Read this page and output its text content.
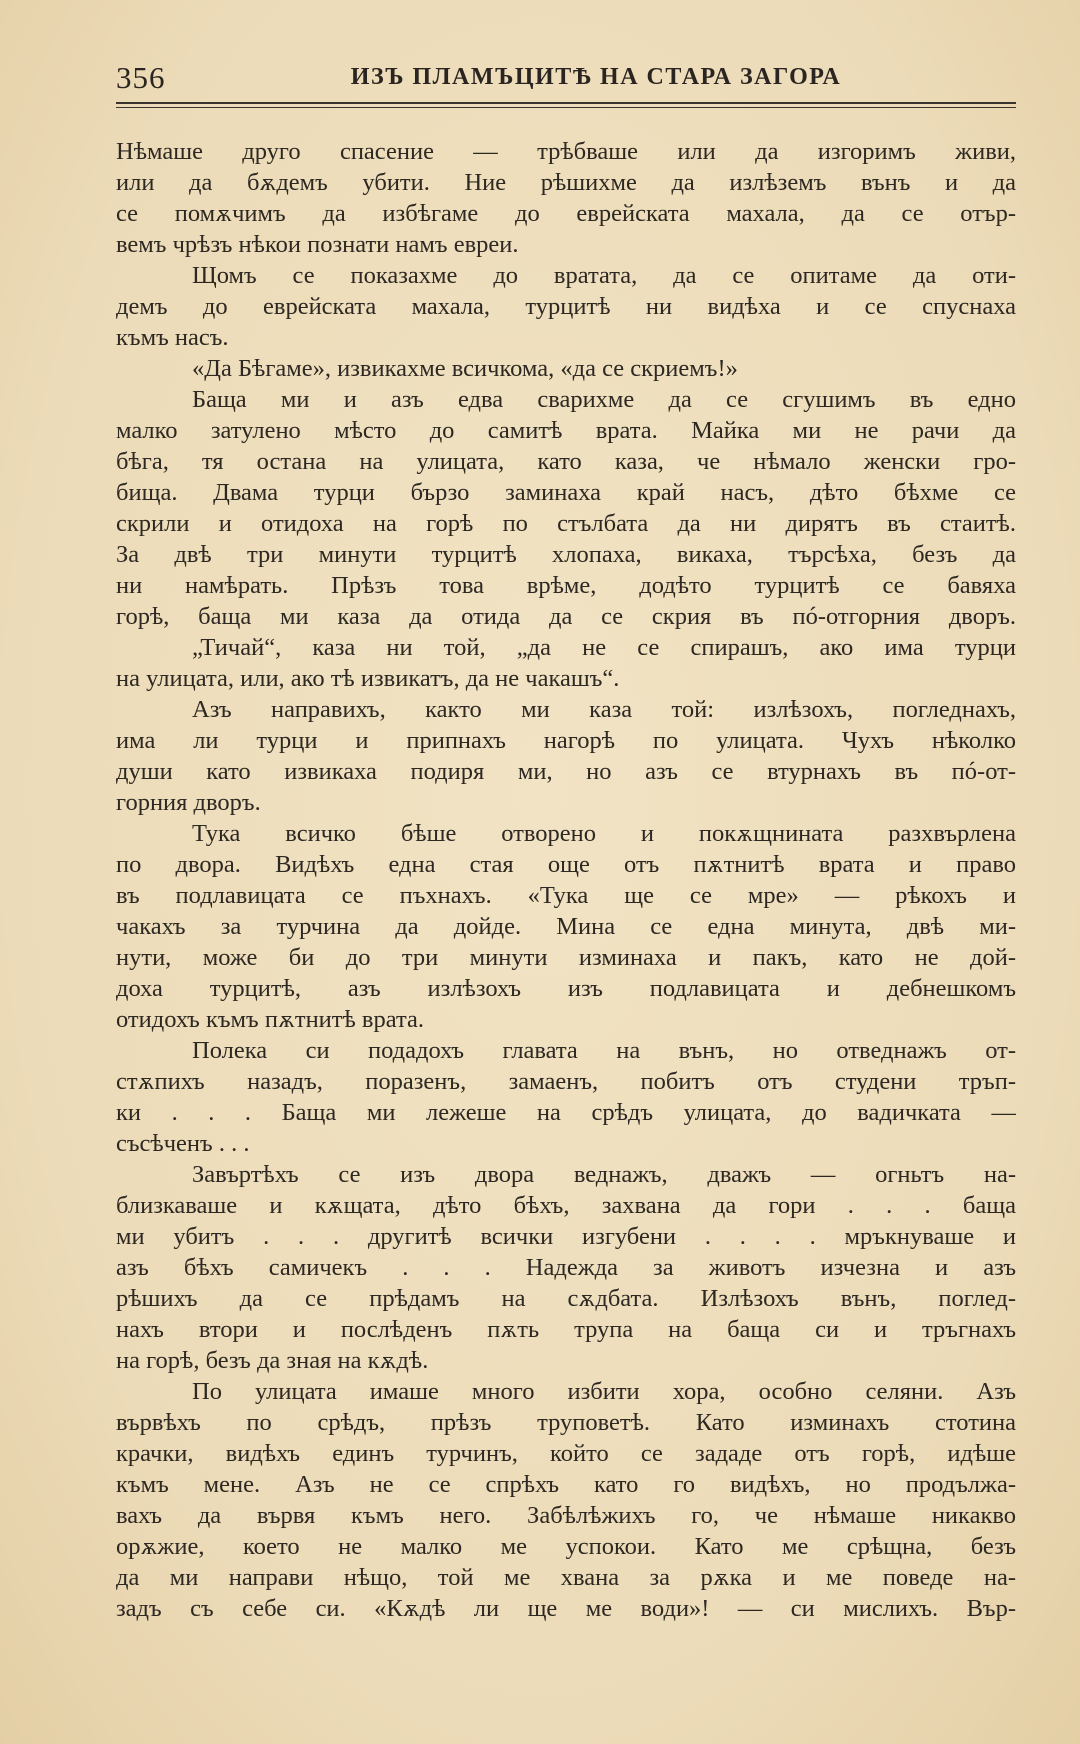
356	ИЗЪ ПЛАМЪЦИТѢ НА СТАРА ЗАГОРА
Нѣмаше друго спасение — трѣбваше или да изгоримъ живи,
или да бѫдемъ убити. Ние рѣшихме да излѣземъ вънъ и да
се помѫчимъ да избѣгаме до еврейската махала, да се отър-
вемъ чрѣзъ нѣкои познати намъ евреи.
Щомъ се показахме до вратата, да се опитаме да оти-
демъ до еврейската махала, турцитѣ ни видѣха и се спуснаха
къмъ насъ.
«Да Бѣгаме», извикахме всичкома, «да се скриемъ!»
Баща ми и азъ едва сварихме да се сгушимъ въ едно
малко затулено мѣсто до самитѣ врата. Майка ми не рачи да
бѣга, тя остана на улицата, като каза, че нѣмало женски гро-
бища. Двама турци бързо заминаха край насъ, дѣто бѣхме се
скрили и отидоха на горѣ по стълбата да ни дирятъ въ стаитѣ.
За двѣ три минути турцитѣ хлопаха, викаха, търсѣха, безъ да
ни намѣрать. Прѣзъ това врѣме, додѣто турцитѣ се бавяха
горѣ, баща ми каза да отида да се скрия въ пó-отгорния дворъ.
„Тичай“, каза ни той, „да не се спирашъ, ако има турци
на улицата, или, ако тѣ извикатъ, да не чакашъ“.
Азъ направихъ, както ми каза той: излѣзохъ, погледнахъ,
има ли турци и припнахъ нагорѣ по улицата. Чухъ нѣколко
души като извикаха подиря ми, но азъ се втурнахъ въ пó-от-
горния дворъ.
Тука всичко бѣше отворено и покѫщнината разхвърлена
по двора. Видѣхъ една стая още отъ пѫтнитѣ врата и право
въ подлавицата се пъхнахъ. «Тука ще се мре» — рѣкохъ и
чакахъ за турчина да дойде. Мина се една минута, двѣ ми-
нути, може би до три минути изминаха и пакъ, като не дой-
доха турцитѣ, азъ излѣзохъ изъ подлавицата и дебнешкомъ
отидохъ къмъ пѫтнитѣ врата.
Полека си подадохъ главата на вънъ, но отведнажъ от-
стѫпихъ назадъ, поразенъ, замаенъ, побитъ отъ студени тръп-
ки . . . Баща ми лежеше на срѣдъ улицата, до вадичката —
съсѣченъ . . .
Завъртѣхъ се изъ двора веднажъ, дважъ — огньтъ на-
близкаваше и кѫщата, дѣто бѣхъ, захвана да гори . . . баща
ми убитъ . . . другитѣ всички изгубени . . . . мръкнуваше и
азъ бѣхъ самичекъ . . . Надежда за животъ изчезна и азъ
рѣшихъ да се прѣдамъ на сѫдбата. Излѣзохъ вънъ, поглед-
нахъ втори и послѣденъ пѫть трупа на баща си и тръгнахъ
на горѣ, безъ да зная на кѫдѣ.
По улицата имаше много избити хора, особно селяни. Азъ
вървѣхъ по срѣдъ, прѣзъ труповетѣ. Като изминахъ стотина
крачки, видѣхъ единъ турчинъ, който се зададе отъ горѣ, идѣше
къмъ мене. Азъ не се спрѣхъ като го видѣхъ, но продължа-
вахъ да вървя къмъ него. Забѣлѣжихъ го, че нѣмаше никакво
орѫжие, което не малко ме успокои. Като ме срѣщна, безъ
да ми направи нѣщо, той ме хвана за рѫка и ме поведе на-
задъ съ себе си. «Кѫдѣ ли ще ме води»! — си мислихъ. Вър-
